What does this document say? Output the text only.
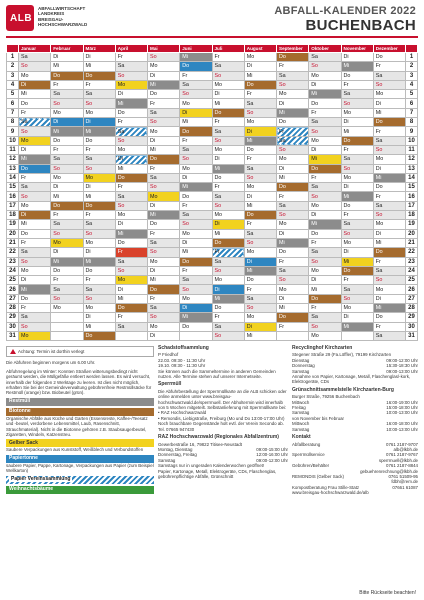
ALB
ABFALLWIRTSCHAFT
LANDKREIS
BREISGAU-
HOCHSCHWARZWALD
ABFALL-KALENDER 2022
BUCHENBACH
	Januar	Februar	März	April	Mai	Juni	Juli	August	September	Oktober	November	Dezember	
1	Sa	Di	Di	Fr	So	Mi	Fr	Mo	Do	Sa	Di	Do	1
2	So	Mi	Mi	Sa	Mo	Do	Sa	Di	Fr	So	Mi	Fr	2
3	Mo	Do	Do	So	Di	Fr	So	Mi	Sa	Mo	Do	Sa	3
4	Di	Fr	Fr	Mo	Mi	Sa	Mo	Do	So	Di	Fr	So	4
5	Mi	Sa	Sa	Di	Do	So	Di	Fr	Mo	Mi	Sa	Mo	5
6	Do	So	So	Mi	Fr	Mo	Mi	Sa	Di	Do	So	Di	6
7	Fr	Mo	Mo	Do	Sa	Di	Do	So	Mi	Fr	Mo	Mi	7
8	Sa	Di	Di	Fr	So	Mi	Fr	Mo	Do	Sa	Di	Do	8
9	So	Mi	Mi	Sa	Mo	Do	Sa	Di	Fr	So	Mi	Fr	9
10	Mo	Do	Do	So	Di	Fr	So	Mi	Sa	Mo	Do	Sa	10
11	Di	Fr	Fr	Mo	Mi	Sa	Mo	Do	So	Di	Fr	So	11
12	Mi	Sa	Sa	Di	Do	So	Di	Fr	Mo	Mi	Sa	Mo	12
13	Do	So	So	Mi	Fr	Mo	Mi	Sa	Di	Do	So	Di	13
14	Fr	Mo	Mo	Do	Sa	Di	Do	So	Mi	Fr	Mo	Mi	14
15	Sa	Di	Di	Fr	So	Mi	Fr	Mo	Do	Sa	Di	Do	15
16	So	Mi	Mi	Sa	Mo	Do	Sa	Di	Fr	So	Mi	Fr	16
17	Mo	Do	Do	So	Di	Fr	So	Mi	Sa	Mo	Do	Sa	17
18	Di	Fr	Fr	Mo	Mi	Sa	Mo	Do	So	Di	Fr	So	18
19	Mi	Sa	Sa	Di	Do	So	Di	Fr	Mo	Mi	Sa	Mo	19
20	Do	So	So	Mi	Fr	Mo	Mi	Sa	Di	Do	So	Di	20
21	Fr	Mo	Mo	Do	Sa	Di	Do	So	Mi	Fr	Mo	Mi	21
22	Sa	Di	Di	Fr	So	Mi	Fr	Mo	Do	Sa	Di	Do	22
23	So	Mi	Mi	Sa	Mo	Do	Sa	Di	Fr	So	Mi	Fr	23
24	Mo	Do	Do	So	Di	Fr	So	Mi	Sa	Mo	Do	Sa	24
25	Di	Fr	Fr	Mo	Mi	Sa	Mo	Do	So	Di	Fr	So	25
26	Mi	Sa	Sa	Di	Do	So	Di	Fr	Mo	Mi	Sa	Mo	26
27	Do	So	So	Mi	Fr	Mo	Mi	Sa	Di	Do	So	Di	27
28	Fr	Mo	Mo	Do	Sa	Di	Do	So	Mi	Fr	Mo	Mi	28
29	Sa		Di	Fr	So	Mi	Fr	Mo	Do	Sa	Di	Do	29
30	So		Mi	Sa	Mo	Do	Sa	Di	Fr	So	Mi	Fr	30
31	Mo		Do		Di		So	Mi		Mo		Sa	31
Achtung: Termin ist dorthin verlegt
Die Abfuhren beginnen morgens um 6.00 Uhr.
Abfuhrregelung im Winter: Konnten Straßen witterungsbedingt nicht geräumt werden, die Müllgefäße entleert werden lassen. Es wird versucht, innerhalb der folgenden 2 Werktage zu leeren. Ist dies nicht möglich, erhalten Sie bei der Gemeindeverwaltung gebührenfreie Restmüllsäcke für Restmüll (orange) bzw. Biobeutel (grün).
Restmüll
Biotonne
Organische Abfälle aus Küche und Garten (Essensreste, Kaffee-/Teesatz und -beutel, verdorbene Lebensmittel, Laub, Rasenschnitt, Strauchmaterial). Nicht in die Biotonne gehören z.B. Staubsaugerbeutel, Zigaretten, Windeln, Katzenstreu.
Gelber Sack
Saubere Verpackungen aus Kunststoff, Weißblech und Verbundstoffen
Papiertonne
saubere Papier, Pappe, Kartonage, Verpackungen aus Papier (zum Beispiel Wellkarton)
Papier Vereinssammlung
Weihnachtsbäume
Schadstoffsammlung
P Friedhof
22.03. 09:30 - 11:30 Uhr
19.10. 09:30 - 11:30 Uhr
Sie können auch die Sammeltermine in anderen Gemeinden nutzen. Alle Termine stehen auf unserer Internetseite.
Sperrmüll
Die Abfuhrbestellung der Sperrmüllkarte an die ALB schicken oder online anmelden unter www.breisgau-hochschwarzwald.de/sperrmuell. Der Abholtermin wird innerhalb von 5 Wochen mitgeteilt. Selbstanlieferung mit Sperrmüllkarte bei:
• RAZ Hochschwarzwald
• Remondis, Liebigstraße, Freiburg (Mo und Do 13:00-17:00 Uhr)
Noch brauchbare Gegenstände holt evtl. der Verein Secondo ab. Tel. 07665 947430
RAZ Hochschwarzwald (Regionales Abfallzentrum)
Gewerbestraße 16, 79822 Titisee-Neustadt
Montag, Dienstag	09:00-15:00 Uhr
Donnerstag, Freitag	12:00-16:00 Uhr
Samstag	09:00-12:00 Uhr
Samstags nur in ungeraden Kalenderwochen geöffnet!
Papier, Kartonage, Metall, Elektrogeräte, CDs, Flaschenglas, gebührenpflichtige Abfälle, Grünschnitt
Recyclinghof Kirchzarten
Stegener Straße 29 (Fa.Löffler), 79199 Kirchzarten
Dienstag	09:00-12:00 Uhr
Donnerstag	15:30-18:30 Uhr
Samstag	09:00-13:00 Uhr
Annahme von Papier, Kartonage, Metall, Flaschenglas/-kork, Elektrogeräte, CDs
Grünschnittsammelstelle Kirchzarten-Burg
Burger Straße, 79256 Buchenbach
Mittwoch	16:00-19:00 Uhr
Freitag	15:00-18:00 Uhr
Samstag	10:00-13:00 Uhr
von November bis Februar
Mittwoch	16:00-18:00 Uhr
Samstag	10:00-13:00 Uhr
Kontakt
Abfallberatung	0761 2187-9707
alb@lkbh.de
Sperrmüllservice	0761 2187-9767
sperrmuell@lkbh.de
Gebühren/Behälter	0761 2187-8844
gebuehrenrechnung@lkbh.de
REMONDIS (Gelber Sack)	0761 51509-95
fdbh@rem.de
Kompostberatung Frau Stille-Statz	07661 61087
www.breisgau-hochschwarzwald.de/alb
Bitte Rückseite beachten!
